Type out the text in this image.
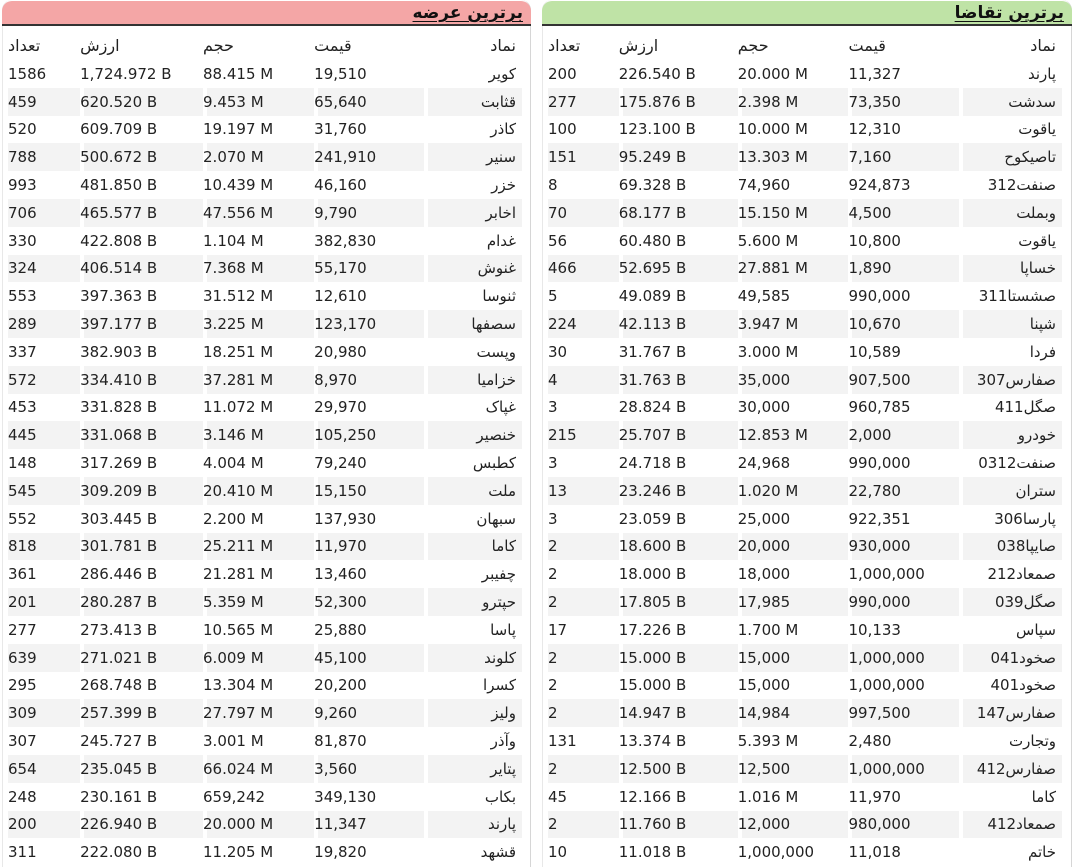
برترین عرضه
نماد	قیمت	حجم	ارزش	تعداد
کویر	19,510	88.415 M	1,724.972 B	1586
قثابت	65,640	9.453 M	620.520 B	459
کاذر	31,760	19.197 M	609.709 B	520
سنیر	241,910	2.070 M	500.672 B	788
خزر	46,160	10.439 M	481.850 B	993
اخابر	9,790	47.556 M	465.577 B	706
غدام	382,830	1.104 M	422.808 B	330
غنوش	55,170	7.368 M	406.514 B	324
ثنوسا	12,610	31.512 M	397.363 B	553
سصفها	123,170	3.225 M	397.177 B	289
وپست	20,980	18.251 M	382.903 B	337
خزامیا	8,970	37.281 M	334.410 B	572
غپاک	29,970	11.072 M	331.828 B	453
خنصیر	105,250	3.146 M	331.068 B	445
کطبس	79,240	4.004 M	317.269 B	148
ملت	15,150	20.410 M	309.209 B	545
سبهان	137,930	2.200 M	303.445 B	552
کاما	11,970	25.211 M	301.781 B	818
چفیبر	13,460	21.281 M	286.446 B	361
حپترو	52,300	5.359 M	280.287 B	201
پاسا	25,880	10.565 M	273.413 B	277
کلوند	45,100	6.009 M	271.021 B	639
کسرا	20,200	13.304 M	268.748 B	295
ولیز	9,260	27.797 M	257.399 B	309
وآذر	81,870	3.001 M	245.727 B	307
پتایر	3,560	66.024 M	235.045 B	654
بکاب	349,130	659,242	230.161 B	248
پارند	11,347	20.000 M	226.940 B	200
قشهد	19,820	11.205 M	222.080 B	311
برترین تقاضا
نماد	قیمت	حجم	ارزش	تعداد
پارند	11,327	20.000 M	226.540 B	200
سدشت	73,350	2.398 M	175.876 B	277
یاقوت	12,310	10.000 M	123.100 B	100
تاصیکوح	7,160	13.303 M	95.249 B	151
صنفت312	924,873	74,960	69.328 B	8
وبملت	4,500	15.150 M	68.177 B	70
یاقوت	10,800	5.600 M	60.480 B	56
خساپا	1,890	27.881 M	52.695 B	466
صشستا311	990,000	49,585	49.089 B	5
شپنا	10,670	3.947 M	42.113 B	224
فردا	10,589	3.000 M	31.767 B	30
صفارس307	907,500	35,000	31.763 B	4
صگل411	960,785	30,000	28.824 B	3
خودرو	2,000	12.853 M	25.707 B	215
صنفت0312	990,000	24,968	24.718 B	3
ستران	22,780	1.020 M	23.246 B	13
پارسا306	922,351	25,000	23.059 B	3
صایپا038	930,000	20,000	18.600 B	2
صمعاد212	1,000,000	18,000	18.000 B	2
صگل039	990,000	17,985	17.805 B	2
سپاس	10,133	1.700 M	17.226 B	17
صخود041	1,000,000	15,000	15.000 B	2
صخود401	1,000,000	15,000	15.000 B	2
صفارس147	997,500	14,984	14.947 B	2
وتجارت	2,480	5.393 M	13.374 B	131
صفارس412	1,000,000	12,500	12.500 B	2
کاما	11,970	1.016 M	12.166 B	45
صمعاد412	980,000	12,000	11.760 B	2
خاتم	11,018	1,000,000	11.018 B	10
